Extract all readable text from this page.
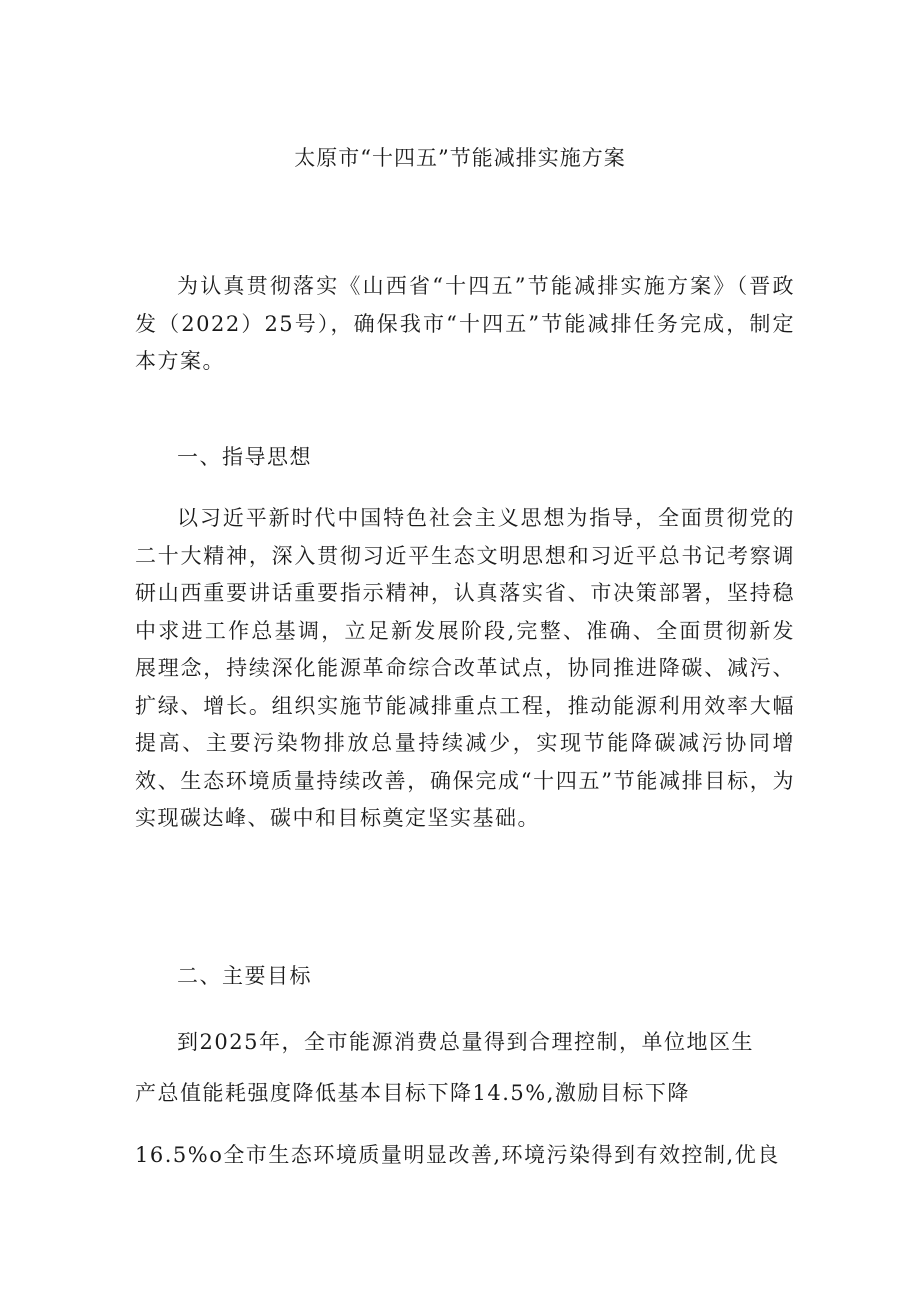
太原市“十四五”节能减排实施方案

为认真贯彻落实《山西省“十四五”节能减排实施方案》（晋政发（2022）25号），确保我市“十四五”节能减排任务完成，制定本方案。

一、指导思想

以习近平新时代中国特色社会主义思想为指导，全面贯彻党的二十大精神，深入贯彻习近平生态文明思想和习近平总书记考察调研山西重要讲话重要指示精神，认真落实省、市决策部署，坚持稳中求进工作总基调，立足新发展阶段,完整、准确、全面贯彻新发展理念，持续深化能源革命综合改革试点，协同推进降碳、减污、扩绿、增长。组织实施节能减排重点工程，推动能源利用效率大幅提高、主要污染物排放总量持续减少，实现节能降碳减污协同增效、生态环境质量持续改善，确保完成“十四五”节能减排目标，为实现碳达峰、碳中和目标奠定坚实基础。

二、主要目标

到2025年，全市能源消费总量得到合理控制，单位地区生

产总值能耗强度降低基本目标下降14.5%,激励目标下降

16.5%o全市生态环境质量明显改善,环境污染得到有效控制,优良
